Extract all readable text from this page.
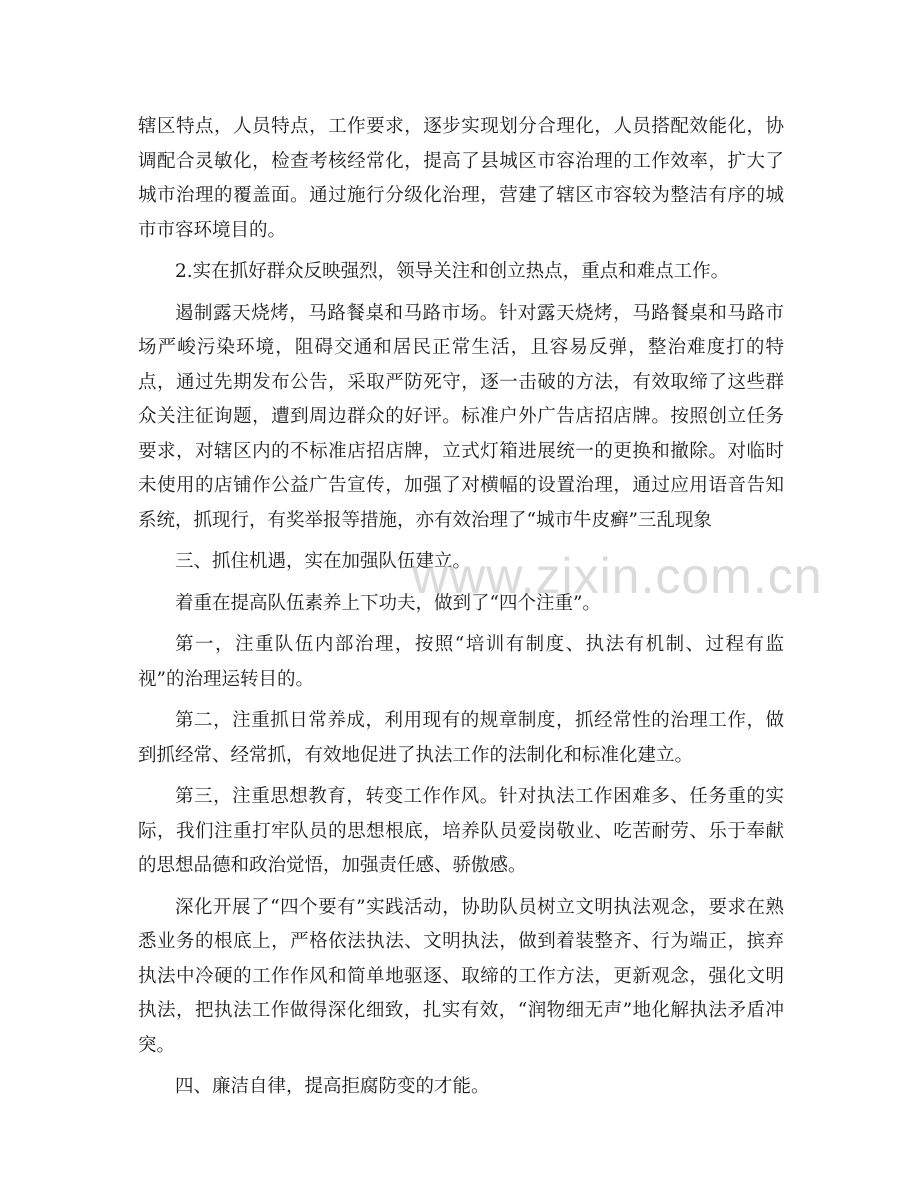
辖区特点，人员特点，工作要求，逐步实现划分合理化，人员搭配效能化，协调配合灵敏化，检查考核经常化，提高了县城区市容治理的工作效率，扩大了城市治理的覆盖面。通过施行分级化治理，营建了辖区市容较为整洁有序的城市市容环境目的。

2.实在抓好群众反映强烈，领导关注和创立热点，重点和难点工作。

遏制露天烧烤，马路餐桌和马路市场。针对露天烧烤，马路餐桌和马路市场严峻污染环境，阻碍交通和居民正常生活，且容易反弹，整治难度打的特点，通过先期发布公告，采取严防死守，逐一击破的方法，有效取缔了这些群众关注征询题，遭到周边群众的好评。标准户外广告店招店牌。按照创立任务要求，对辖区内的不标准店招店牌，立式灯箱进展统一的更换和撤除。对临时未使用的店铺作公益广告宣传，加强了对横幅的设置治理，通过应用语音告知系统，抓现行，有奖举报等措施，亦有效治理了“城市牛皮癣”三乱现象

三、抓住机遇，实在加强队伍建立。

着重在提高队伍素养上下功夫，做到了“四个注重”。

第一，注重队伍内部治理，按照“培训有制度、执法有机制、过程有监视”的治理运转目的。

第二，注重抓日常养成，利用现有的规章制度，抓经常性的治理工作，做到抓经常、经常抓，有效地促进了执法工作的法制化和标准化建立。

第三，注重思想教育，转变工作作风。针对执法工作困难多、任务重的实际，我们注重打牢队员的思想根底，培养队员爱岗敬业、吃苦耐劳、乐于奉献的思想品德和政治觉悟，加强责任感、骄傲感。

深化开展了“四个要有”实践活动，协助队员树立文明执法观念，要求在熟悉业务的根底上，严格依法执法、文明执法，做到着装整齐、行为端正，摈弃执法中冷硬的工作作风和简单地驱逐、取缔的工作方法，更新观念，强化文明执法，把执法工作做得深化细致，扎实有效，“润物细无声”地化解执法矛盾冲突。

四、廉洁自律，提高拒腐防变的才能。

www.zixin.com.cn
